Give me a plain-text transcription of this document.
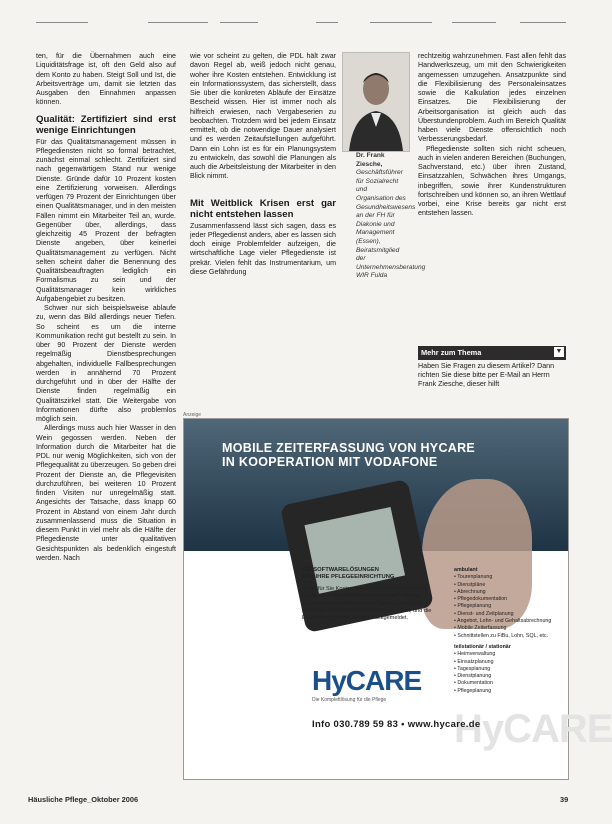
ten, für die Übernahmen auch eine Liquiditätsfrage ist, oft den Geld also auf dem Konto zu haben. Steigt Soll und Ist, die Arbeitsverträge um, damit sie letzten das Ausgaben den Einnahmen anpassen können.

Qualität: Zertifiziert sind erst wenige Einrichtungen

Für das Qualitätsmanagement müssen in Pflegediensten nicht so formal betrachtet, zunächst einmal schlecht. Zertifiziert sind nach gegenwärtigem Stand nur wenige Dienste. Gründe dafür 10 Prozent kosten eine Zertifizierung vorweisen. Allerdings verfügen 79 Prozent der Einrichtungen über einen Qualitätsmanager, und in den meisten Fällen nimmt ein Mitarbeiter Teil an, wurde. Gegenüber über, allerdings, dass gleichzeitig 45 Prozent der befragten Dienste angeben, über keinerlei Qualitätsmanagement zu verfügen. Nicht selten scheint daher die Benennung des Qualitätsbeauftragten lediglich ein Formalismus zu sein und der Qualitätsmanager kein wirkliches Aufgabengebiet zu besitzen.

Schwer nur sich beispielsweise ablaufe zu, wenn das Bild allerdings neuer Tiefen. So scheint es um die interne Kommunikation recht gut bestellt zu sein. In über 90 Prozent der Dienste werden regelmäßig Dienstbesprechungen abgehalten, individuelle Fallbesprechungen werden in annähernd 70 Prozent durchgeführt und in über der Hälfte der Dienste finden regelmäßig ein Qualitätszirkel statt. Die Weitergabe von Informationen dürfte also problemlos möglich sein.

Allerdings muss auch hier Wasser in den Wein gegossen werden. Neben der Information durch die Mitarbeiter hat die PDL nur wenig Möglichkeiten, sich von der Pflegequalität zu überzeugen. So geben drei Prozent der Dienste an, die Pflegevisiten durchzuführen, bei weiteren 10 Prozent finden Visiten nur unregelmäßig statt. Angesichts der Tatsache, dass knapp 60 Prozent in Abstand von einem Jahr durch zusammenlassend muss die Situation in diesem Punkt in viel mehr als die Hälfte der Pflegedienste unter qualitativen Gesichtspunkten als bedenklich eingestuft werden. Nach

wie vor scheint zu gelten, die PDL hält zwar davon Regel ab, weiß jedoch nicht genau, woher ihre Kosten entstehen. Entwicklung ist ein Informationssystem, das sicherstellt, dass Sie über die konkreten Abläufe der Einsätze Bescheid wissen. Hier ist immer noch als hilfreich erwiesen, nach Vergabeserien zu beobachten. Trotzdem wird bei jedem Einsatz ermittelt, ob die notwendige Dauer analysiert und es werden Zeitaufstellungen aufgeführt. Dann ein Lohn ist es für ein Planungsystem zu entwickeln, das sowohl die Planungen als auch die Arbeitsleistung der Mitarbeiter in den Blick nimmt.

Mit Weitblick Krisen erst gar nicht entstehen lassen

Zusammenfassend lässt sich sagen, dass es jeder Pflegedienst anders, aber es lassen sich doch einige Problemfelder aufzeigen, die wirtschaftliche Lage vieler Pflegedienste ist prekär. Vielen fehlt das Instrumentarium, um diese Gefährdung

Dr. Frank Ziesche,
Geschäftsführer für Sozialrecht und Organisation des Gesundheitswesens an der FH für Diakonie und Management (Essen), Beiratsmitglied der Unternehmensberatung WIR Fulda

rechtzeitig wahrzunehmen. Fast allen fehlt das Handwerkszeug, um mit den Schwierigkeiten angemessen umzugehen. Ansatzpunkte sind die Flexibilisierung des Personaleinsatzes sowie die Kalkulation jedes einzelnen Einsatzes. Die Flexibilisierung der Arbeitsorganisation ist gleich auch das Überstundenproblem. Auch im Bereich Qualität haben viele Dienste offensichtlich noch Verbesserungsbedarf.

Pflegedienste sollten sich nicht scheuen, auch in vielen anderen Bereichen (Buchungen, Sachverstand, etc.) über ihren Zustand, Einsatzzahlen, Schwächen ihres Umgangs, inbegriffen, sowie ihrer Kundenstrukturen fortschreiben und können so, an ihren Wettlauf vorbei, eine Krise bereits gar nicht erst entstehen lassen.

Mehr zum Thema	▼
Haben Sie Fragen zu diesem Artikel? Dann richten Sie diese bitte per E-Mail an Herrn Frank Ziesche, dieser hilft
Anzeige
MOBILE ZEITERFASSUNG VON HYCARE
IN KOOPERATION MIT VODAFONE
HyCARE
DIE SOFTWARELÖSUNGEN
FÜR IHRE PFLEGEEINRICHTUNG

Wann für Sie Kosten pro Einsatz liegen? Wird eine Nachtarbeit durch Pflegedienste erfüllt? Welche Touren sind die effizientesten? Und bei HyCARE sehen Sie die Kostenübersicht zu jeder Zeit, und die Ergebnisse werden sofort zurückgemeldet.

ambulant
• Tourenplanung
• Dienstpläne
• Abrechnung
• Pflegedokumentation
• Pflegeplanung
• Dienst- und Zeitplanung
• Angebot, Lohn- und Gehaltsabrechnung
• Mobile Zeiterfassung
• Schnittstellen zu FiBu, Lohn, SQL, etc.
teilstationär / stationär
• Heimverwaltung
• Einsatzplanung
• Tagesplanung
• Dienstplanung
• Dokumentation
• Pflegeplanung
HyCARE
Die Komplettlösung für die Pflege
Info 030.789 59 83 • www.hycare.de
Häusliche Pflege_Oktober 2006	39
